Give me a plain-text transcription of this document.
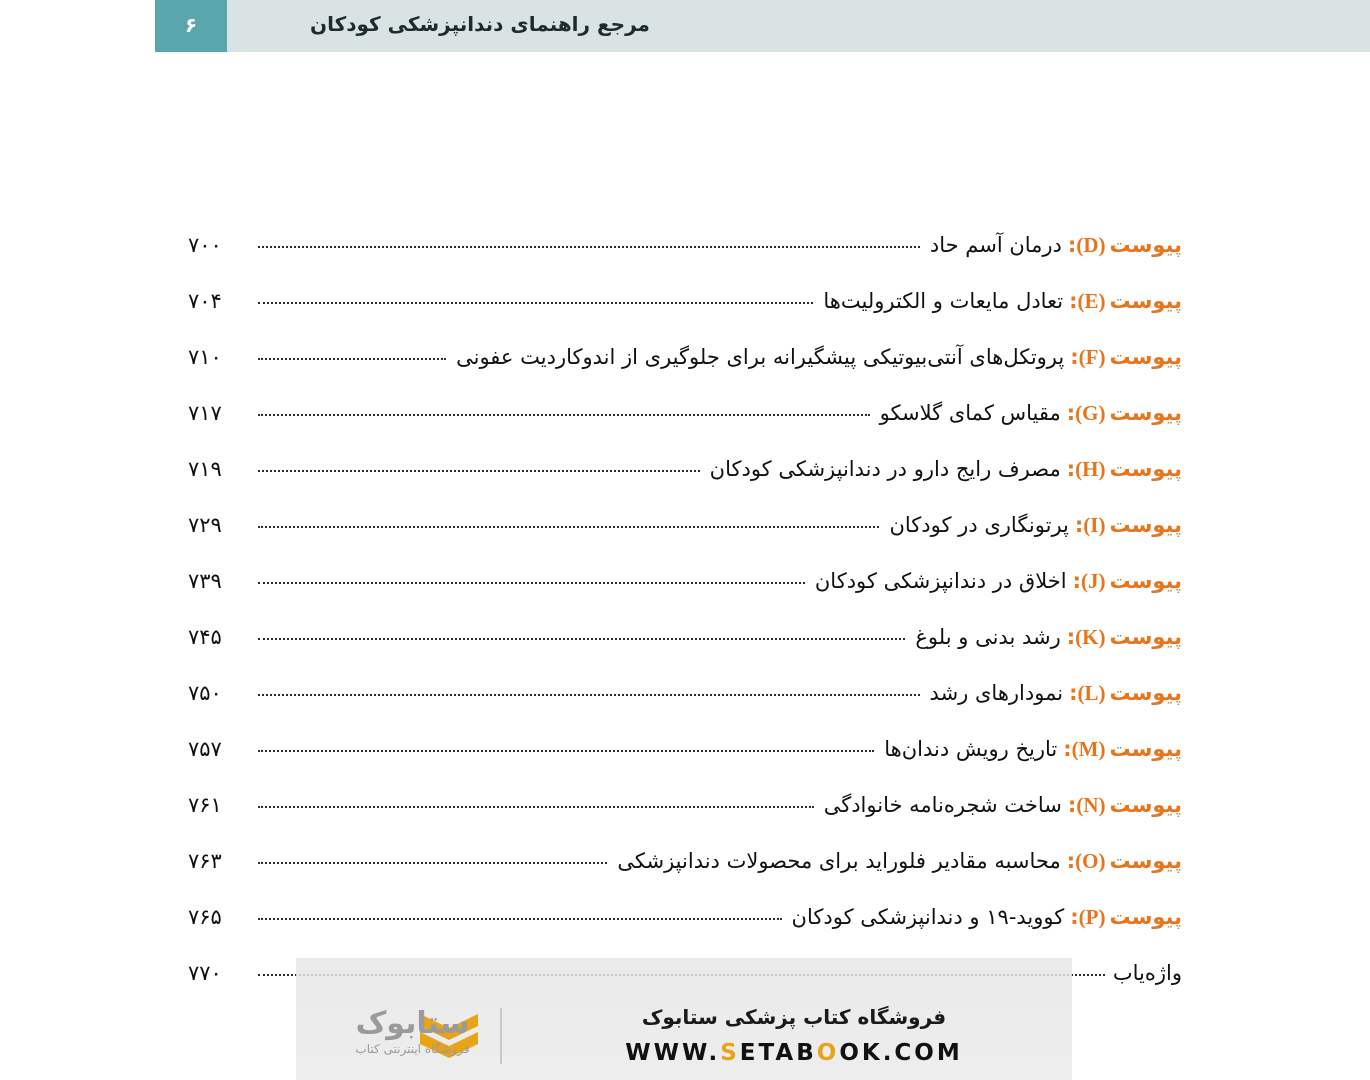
مرجع راهنمای دندانپزشکی کودکان
۶
پیوست
(D)
:
درمان آسم حاد
۷۰۰
پیوست
(E)
:
تعادل مایعات و الکترولیت‌ها
۷۰۴
پیوست
(F)
:
پروتکل‌های آنتی‌بیوتیکی پیشگیرانه برای جلوگیری از اندوکاردیت عفونی
۷۱۰
پیوست
(G)
:
مقیاس کمای گلاسکو
۷۱۷
پیوست
(H)
:
مصرف رایج دارو در دندانپزشکی کودکان
۷۱۹
پیوست
(I)
:
پرتونگاری در کودکان
۷۲۹
پیوست
(J)
:
اخلاق در دندانپزشکی کودکان
۷۳۹
پیوست
(K)
:
رشد بدنی و بلوغ
۷۴۵
پیوست
(L)
:
نمودارهای رشد
۷۵۰
پیوست
(M)
:
تاریخ رویش دندان‌ها
۷۵۷
پیوست
(N)
:
ساخت شجره‌نامه خانوادگی
۷۶۱
پیوست
(O)
:
محاسبه مقادیر فلوراید برای محصولات دندانپزشکی
۷۶۳
پیوست
(P)
:
کووید-۱۹ و دندانپزشکی کودکان
۷۶۵
واژه‌یاب
۷۷۰
فروشگاه کتاب پزشکی ستابوک
WWW.SETABOOK.COM
ستابوک
فروشگاه اینترنتی کتاب
